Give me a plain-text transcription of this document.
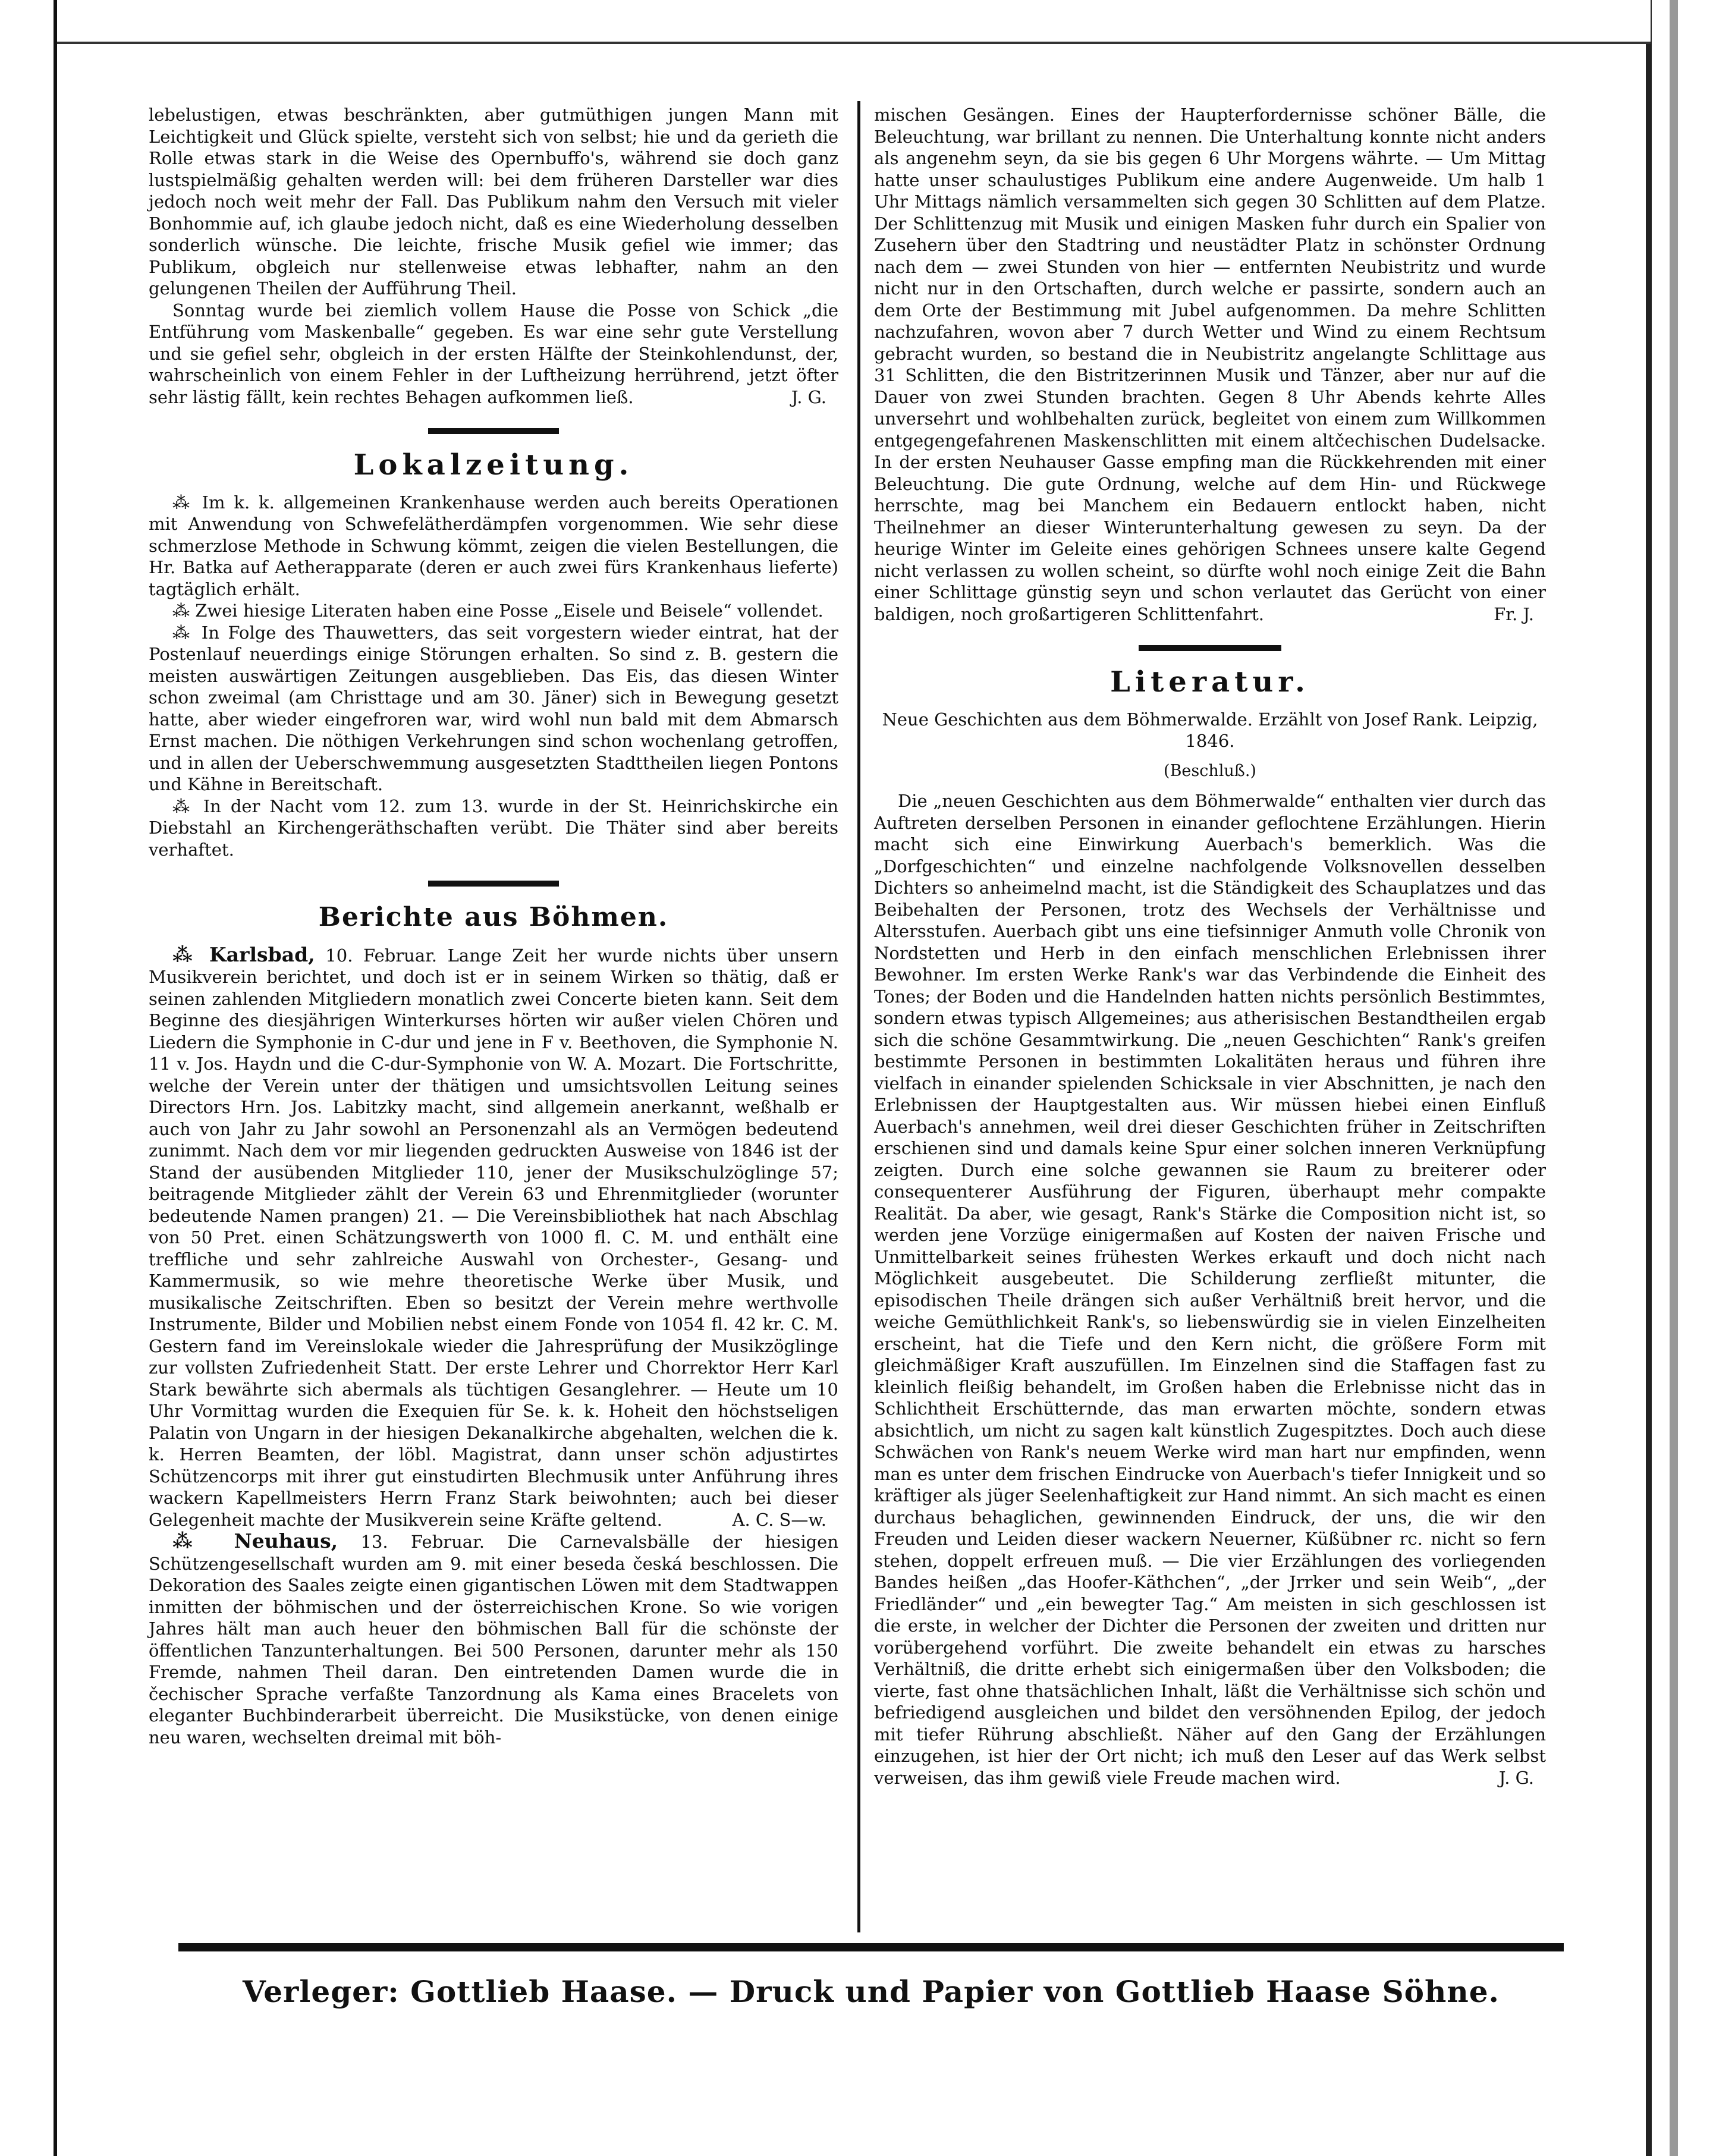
lebelustigen, etwas beschränkten, aber gutmüthigen jungen Mann mit Leichtigkeit und Glück spielte, versteht sich von selbst; hie und da gerieth die Rolle etwas stark in die Weise des Opernbuffo's, während sie doch ganz lustspielmäßig gehalten werden will: bei dem früheren Darsteller war dies jedoch noch weit mehr der Fall. Das Publikum nahm den Versuch mit vieler Bonhommie auf, ich glaube jedoch nicht, daß es eine Wiederholung desselben sonderlich wünsche. Die leichte, frische Musik gefiel wie immer; das Publikum, obgleich nur stellenweise etwas lebhafter, nahm an den gelungenen Theilen der Aufführung Theil.

Sonntag wurde bei ziemlich vollem Hause die Posse von Schick „die Entführung vom Maskenballe“ gegeben. Es war eine sehr gute Verstellung und sie gefiel sehr, obgleich in der ersten Hälfte der Steinkohlendunst, der, wahrscheinlich von einem Fehler in der Luftheizung herrührend, jetzt öfter sehr lästig fällt, kein rechtes Behagen aufkommen ließ.	J. G.

Lokalzeitung.

⁂ Im k. k. allgemeinen Krankenhause werden auch bereits Operationen mit Anwendung von Schwefelätherdämpfen vorgenommen. Wie sehr diese schmerzlose Methode in Schwung kömmt, zeigen die vielen Bestellungen, die Hr. Batka auf Aetherapparate (deren er auch zwei fürs Krankenhaus lieferte) tagtäglich erhält.

⁂ Zwei hiesige Literaten haben eine Posse „Eisele und Beisele“ vollendet.

⁂ In Folge des Thauwetters, das seit vorgestern wieder eintrat, hat der Postenlauf neuerdings einige Störungen erhalten. So sind z. B. gestern die meisten auswärtigen Zeitungen ausgeblieben. Das Eis, das diesen Winter schon zweimal (am Christtage und am 30. Jäner) sich in Bewegung gesetzt hatte, aber wieder eingefroren war, wird wohl nun bald mit dem Abmarsch Ernst machen. Die nöthigen Verkehrungen sind schon wochenlang getroffen, und in allen der Ueberschwemmung ausgesetzten Stadttheilen liegen Pontons und Kähne in Bereitschaft.

⁂ In der Nacht vom 12. zum 13. wurde in der St. Heinrichskirche ein Diebstahl an Kirchengeräthschaften verübt. Die Thäter sind aber bereits verhaftet.

Berichte aus Böhmen.

⁂ Karlsbad, 10. Februar. Lange Zeit her wurde nichts über unsern Musikverein berichtet, und doch ist er in seinem Wirken so thätig, daß er seinen zahlenden Mitgliedern monatlich zwei Concerte bieten kann. Seit dem Beginne des diesjährigen Winterkurses hörten wir außer vielen Chören und Liedern die Symphonie in C-dur und jene in F v. Beethoven, die Symphonie N. 11 v. Jos. Haydn und die C-dur-Symphonie von W. A. Mozart. Die Fortschritte, welche der Verein unter der thätigen und umsichtsvollen Leitung seines Directors Hrn. Jos. Labitzky macht, sind allgemein anerkannt, weßhalb er auch von Jahr zu Jahr sowohl an Personenzahl als an Vermögen bedeutend zunimmt. Nach dem vor mir liegenden gedruckten Ausweise von 1846 ist der Stand der ausübenden Mitglieder 110, jener der Musikschulzöglinge 57; beitragende Mitglieder zählt der Verein 63 und Ehrenmitglieder (worunter bedeutende Namen prangen) 21. — Die Vereinsbibliothek hat nach Abschlag von 50 Pret. einen Schätzungswerth von 1000 fl. C. M. und enthält eine treffliche und sehr zahlreiche Auswahl von Orchester-, Gesang- und Kammermusik, so wie mehre theoretische Werke über Musik, und musikalische Zeitschriften. Eben so besitzt der Verein mehre werthvolle Instrumente, Bilder und Mobilien nebst einem Fonde von 1054 fl. 42 kr. C. M. Gestern fand im Vereinslokale wieder die Jahresprüfung der Musikzöglinge zur vollsten Zufriedenheit Statt. Der erste Lehrer und Chorrektor Herr Karl Stark bewährte sich abermals als tüchtigen Gesanglehrer. — Heute um 10 Uhr Vormittag wurden die Exequien für Se. k. k. Hoheit den höchstseligen Palatin von Ungarn in der hiesigen Dekanalkirche abgehalten, welchen die k. k. Herren Beamten, der löbl. Magistrat, dann unser schön adjustirtes Schützencorps mit ihrer gut einstudirten Blechmusik unter Anführung ihres wackern Kapellmeisters Herrn Franz Stark beiwohnten; auch bei dieser Gelegenheit machte der Musikverein seine Kräfte geltend.	A. C. S—w.

⁂ Neuhaus, 13. Februar. Die Carnevalsbälle der hiesigen Schützengesellschaft wurden am 9. mit einer beseda česká beschlossen. Die Dekoration des Saales zeigte einen gigantischen Löwen mit dem Stadtwappen inmitten der böhmischen und der österreichischen Krone. So wie vorigen Jahres hält man auch heuer den böhmischen Ball für die schönste der öffentlichen Tanzunterhaltungen. Bei 500 Personen, darunter mehr als 150 Fremde, nahmen Theil daran. Den eintretenden Damen wurde die in čechischer Sprache verfaßte Tanzordnung als Kama eines Bracelets von eleganter Buchbinderarbeit überreicht. Die Musikstücke, von denen einige neu waren, wechselten dreimal mit böh-

mischen Gesängen. Eines der Haupterfordernisse schöner Bälle, die Beleuchtung, war brillant zu nennen. Die Unterhaltung konnte nicht anders als angenehm seyn, da sie bis gegen 6 Uhr Morgens währte. — Um Mittag hatte unser schaulustiges Publikum eine andere Augenweide. Um halb 1 Uhr Mittags nämlich versammelten sich gegen 30 Schlitten auf dem Platze. Der Schlittenzug mit Musik und einigen Masken fuhr durch ein Spalier von Zusehern über den Stadtring und neustädter Platz in schönster Ordnung nach dem — zwei Stunden von hier — entfernten Neubistritz und wurde nicht nur in den Ortschaften, durch welche er passirte, sondern auch an dem Orte der Bestimmung mit Jubel aufgenommen. Da mehre Schlitten nachzufahren, wovon aber 7 durch Wetter und Wind zu einem Rechtsum gebracht wurden, so bestand die in Neubistritz angelangte Schlittage aus 31 Schlitten, die den Bistritzerinnen Musik und Tänzer, aber nur auf die Dauer von zwei Stunden brachten. Gegen 8 Uhr Abends kehrte Alles unversehrt und wohlbehalten zurück, begleitet von einem zum Willkommen entgegengefahrenen Maskenschlitten mit einem altčechischen Dudelsacke. In der ersten Neuhauser Gasse empfing man die Rückkehrenden mit einer Beleuchtung. Die gute Ordnung, welche auf dem Hin- und Rückwege herrschte, mag bei Manchem ein Bedauern entlockt haben, nicht Theilnehmer an dieser Winterunterhaltung gewesen zu seyn. Da der heurige Winter im Geleite eines gehörigen Schnees unsere kalte Gegend nicht verlassen zu wollen scheint, so dürfte wohl noch einige Zeit die Bahn einer Schlittage günstig seyn und schon verlautet das Gerücht von einer baldigen, noch großartigeren Schlittenfahrt.	Fr. J.

Literatur.
Neue Geschichten aus dem Böhmerwalde. Erzählt von Josef Rank. Leipzig, 1846.
(Beschluß.)

Die „neuen Geschichten aus dem Böhmerwalde“ enthalten vier durch das Auftreten derselben Personen in einander geflochtene Erzählungen. Hierin macht sich eine Einwirkung Auerbach's bemerklich. Was die „Dorfgeschichten“ und einzelne nachfolgende Volksnovellen desselben Dichters so anheimelnd macht, ist die Ständigkeit des Schauplatzes und das Beibehalten der Personen, trotz des Wechsels der Verhältnisse und Altersstufen. Auerbach gibt uns eine tiefsinniger Anmuth volle Chronik von Nordstetten und Herb in den einfach menschlichen Erlebnissen ihrer Bewohner. Im ersten Werke Rank's war das Verbindende die Einheit des Tones; der Boden und die Handelnden hatten nichts persönlich Bestimmtes, sondern etwas typisch Allgemeines; aus atherisischen Bestandtheilen ergab sich die schöne Gesammtwirkung. Die „neuen Geschichten“ Rank's greifen bestimmte Personen in bestimmten Lokalitäten heraus und führen ihre vielfach in einander spielenden Schicksale in vier Abschnitten, je nach den Erlebnissen der Hauptgestalten aus. Wir müssen hiebei einen Einfluß Auerbach's annehmen, weil drei dieser Geschichten früher in Zeitschriften erschienen sind und damals keine Spur einer solchen inneren Verknüpfung zeigten. Durch eine solche gewannen sie Raum zu breiterer oder consequenterer Ausführung der Figuren, überhaupt mehr compakte Realität. Da aber, wie gesagt, Rank's Stärke die Composition nicht ist, so werden jene Vorzüge einigermaßen auf Kosten der naiven Frische und Unmittelbarkeit seines frühesten Werkes erkauft und doch nicht nach Möglichkeit ausgebeutet. Die Schilderung zerfließt mitunter, die episodischen Theile drängen sich außer Verhältniß breit hervor, und die weiche Gemüthlichkeit Rank's, so liebenswürdig sie in vielen Einzelheiten erscheint, hat die Tiefe und den Kern nicht, die größere Form mit gleichmäßiger Kraft auszufüllen. Im Einzelnen sind die Staffagen fast zu kleinlich fleißig behandelt, im Großen haben die Erlebnisse nicht das in Schlichtheit Erschütternde, das man erwarten möchte, sondern etwas absichtlich, um nicht zu sagen kalt künstlich Zugespitztes. Doch auch diese Schwächen von Rank's neuem Werke wird man hart nur empfinden, wenn man es unter dem frischen Eindrucke von Auerbach's tiefer Innigkeit und so kräftiger als jüger Seelenhaftigkeit zur Hand nimmt. An sich macht es einen durchaus behaglichen, gewinnenden Eindruck, der uns, die wir den Freuden und Leiden dieser wackern Neuerner, Küßübner rc. nicht so fern stehen, doppelt erfreuen muß. — Die vier Erzählungen des vorliegenden Bandes heißen „das Hoofer-Käthchen“, „der Jrrker und sein Weib“, „der Friedländer“ und „ein bewegter Tag.“ Am meisten in sich geschlossen ist die erste, in welcher der Dichter die Personen der zweiten und dritten nur vorübergehend vorführt. Die zweite behandelt ein etwas zu harsches Verhältniß, die dritte erhebt sich einigermaßen über den Volksboden; die vierte, fast ohne thatsächlichen Inhalt, läßt die Verhältnisse sich schön und befriedigend ausgleichen und bildet den versöhnenden Epilog, der jedoch mit tiefer Rührung abschließt. Näher auf den Gang der Erzählungen einzugehen, ist hier der Ort nicht; ich muß den Leser auf das Werk selbst verweisen, das ihm gewiß viele Freude machen wird.	J. G.

Verleger: Gottlieb Haase. — Druck und Papier von Gottlieb Haase Söhne.
